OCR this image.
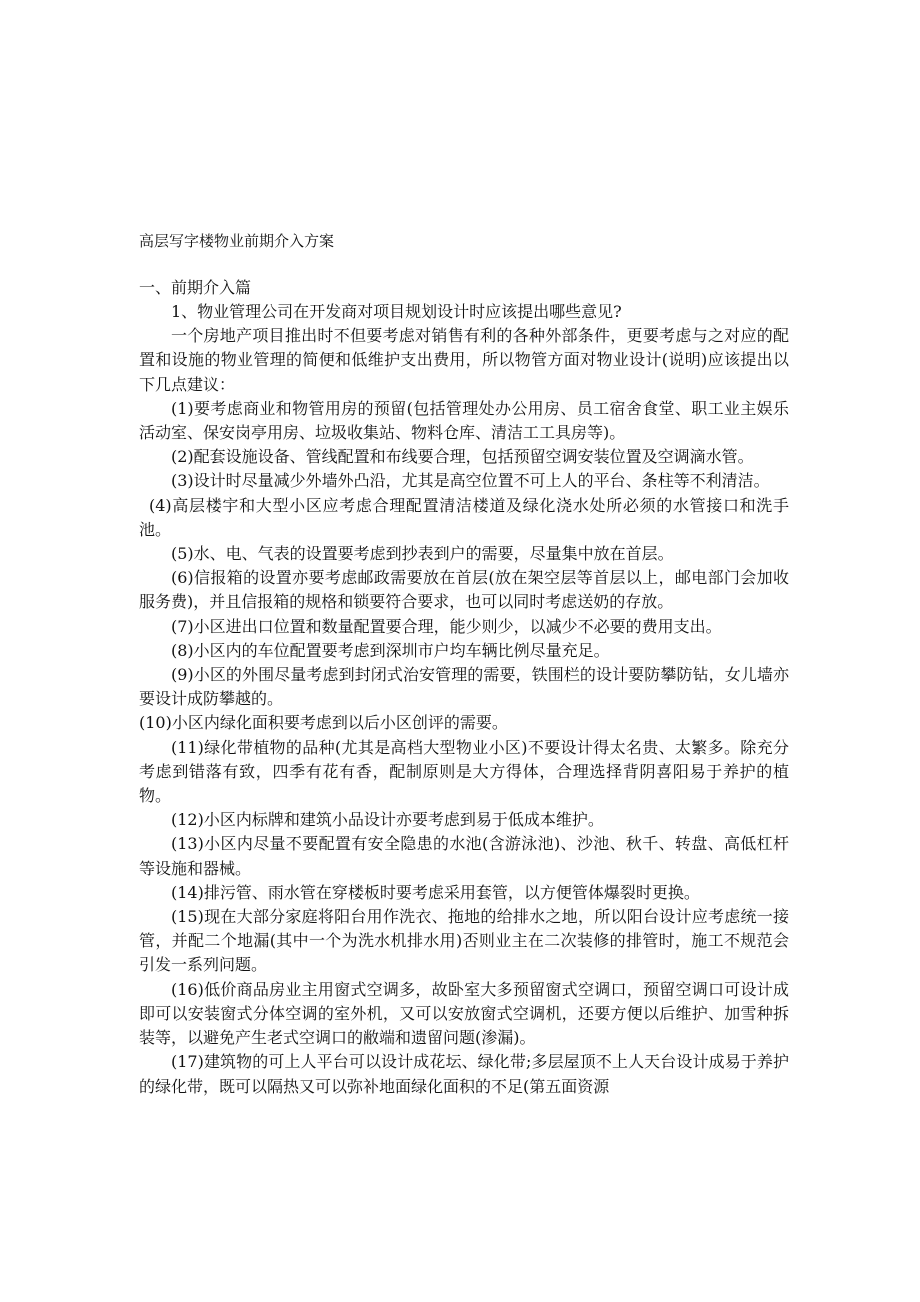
高层写字楼物业前期介入方案

一、前期介入篇

1、物业管理公司在开发商对项目规划设计时应该提出哪些意见?

一个房地产项目推出时不但要考虑对销售有利的各种外部条件，更要考虑与之对应的配置和设施的物业管理的简便和低维护支出费用，所以物管方面对物业设计(说明)应该提出以下几点建议：

(1)要考虑商业和物管用房的预留(包括管理处办公用房、员工宿舍食堂、职工业主娱乐活动室、保安岗亭用房、垃圾收集站、物料仓库、清洁工工具房等)。

(2)配套设施设备、管线配置和布线要合理，包括预留空调安装位置及空调滴水管。

(3)设计时尽量减少外墙外凸沿，尤其是高空位置不可上人的平台、条柱等不利清洁。

(4)高层楼宇和大型小区应考虑合理配置清洁楼道及绿化浇水处所必须的水管接口和洗手池。

(5)水、电、气表的设置要考虑到抄表到户的需要，尽量集中放在首层。

(6)信报箱的设置亦要考虑邮政需要放在首层(放在架空层等首层以上，邮电部门会加收服务费)，并且信报箱的规格和锁要符合要求，也可以同时考虑送奶的存放。

(7)小区进出口位置和数量配置要合理，能少则少，以减少不必要的费用支出。

(8)小区内的车位配置要考虑到深圳市户均车辆比例尽量充足。

(9)小区的外围尽量考虑到封闭式治安管理的需要，铁围栏的设计要防攀防钻，女儿墙亦要设计成防攀越的。

(10)小区内绿化面积要考虑到以后小区创评的需要。

(11)绿化带植物的品种(尤其是高档大型物业小区)不要设计得太名贵、太繁多。除充分考虑到错落有致，四季有花有香，配制原则是大方得体，合理选择背阴喜阳易于养护的植物。

(12)小区内标牌和建筑小品设计亦要考虑到易于低成本维护。

(13)小区内尽量不要配置有安全隐患的水池(含游泳池)、沙池、秋千、转盘、高低杠杆等设施和器械。

(14)排污管、雨水管在穿楼板时要考虑采用套管，以方便管体爆裂时更换。

(15)现在大部分家庭将阳台用作洗衣、拖地的给排水之地，所以阳台设计应考虑统一接管，并配二个地漏(其中一个为洗水机排水用)否则业主在二次装修的排管时，施工不规范会引发一系列问题。

(16)低价商品房业主用窗式空调多，故卧室大多预留窗式空调口，预留空调口可设计成即可以安装窗式分体空调的室外机，又可以安放窗式空调机，还要方便以后维护、加雪种拆装等，以避免产生老式空调口的敝端和遗留问题(渗漏)。

(17)建筑物的可上人平台可以设计成花坛、绿化带;多层屋顶不上人天台设计成易于养护的绿化带，既可以隔热又可以弥补地面绿化面积的不足(第五面资源
